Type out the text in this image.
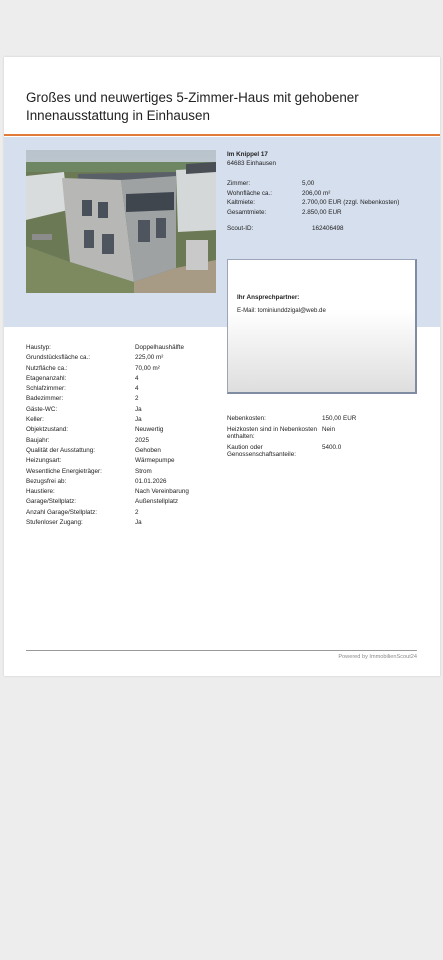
Großes und neuwertiges 5-Zimmer-Haus mit gehobener
Innenausstattung in Einhausen
Im Knippel 17
64683 Einhausen
Zimmer:	5,00
Wohnfläche ca.:	206,00 m²
Kaltmiete:	2.700,00 EUR (zzgl. Nebenkosten)
Gesamtmiete:	2.850,00 EUR
Scout-ID:	162406498
Ihr Ansprechpartner:
E-Mail: tominiunddzigal@web.de
Haustyp:	Doppelhaushälfte
Grundstücksfläche ca.:	225,00 m²
Nutzfläche ca.:	70,00 m²
Etagenanzahl:	4
Schlafzimmer:	4
Badezimmer:	2
Gäste-WC:	Ja
Keller:	Ja
Objektzustand:	Neuwertig
Baujahr:	2025
Qualität der Ausstattung:	Gehoben
Heizungsart:	Wärmepumpe
Wesentliche Energieträger:	Strom
Bezugsfrei ab:	01.01.2026
Haustiere:	Nach Vereinbarung
Garage/Stellplatz:	Außenstellplatz
Anzahl Garage/Stellplatz:	2
Stufenloser Zugang:	Ja
Nebenkosten:	150,00 EUR
Heizkosten sind in Nebenkosten enthalten:
Nein
Kaution oder Genossenschaftsanteile:
5400.0
Powered by ImmobilienScout24
